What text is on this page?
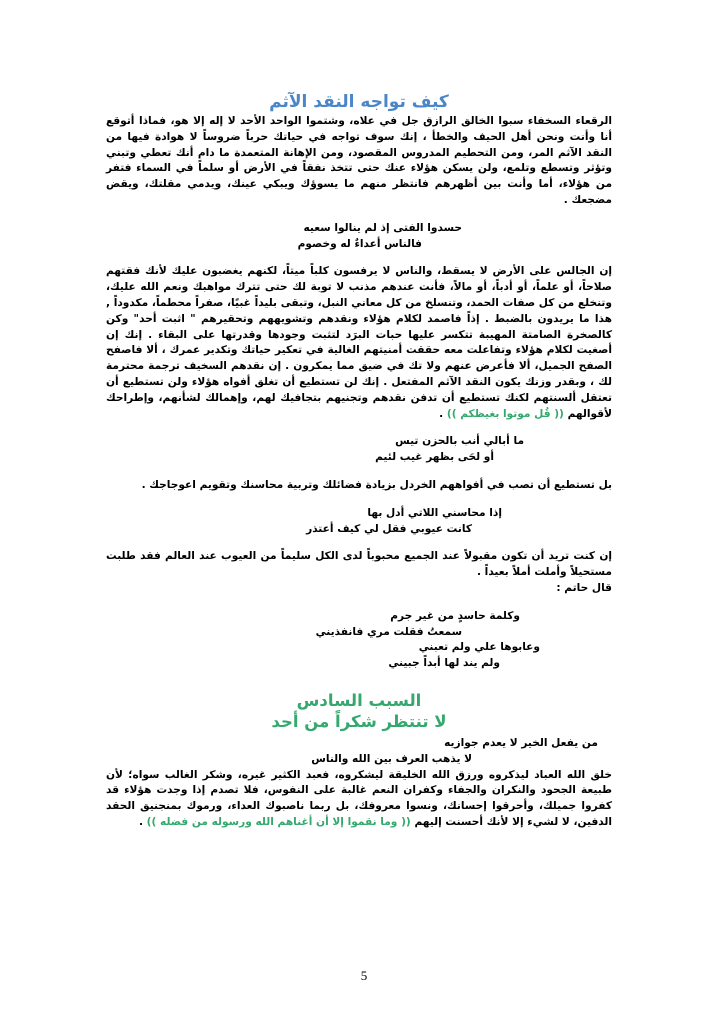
كيف تواجه النقد الآثم

الرقعاء السخفاء سبوا الخالق الرازق جل في علاه، وشتموا الواحد الأحد لا إله إلا هو، فماذا أتوقع أنا وأنت ونحن أهل الحيف والخطأ ، إنك سوف تواجه في حياتك حرباً ضروساً لا هوادة فيها من النقد الآثم المر، ومن التحطيم المدروس المقصود، ومن الإهانة المتعمدة ما دام أنك تعطي وتبني وتؤثر وتسطع وتلمع، ولن يسكن هؤلاء عنك حتى تتخذ نفقاً في الأرض أو سلماً في السماء فتفر من هؤلاء، أما وأنت بين أظهرهم فانتظر منهم ما يسوؤك ويبكي عينك، ويدمي مقلتك، ويقض مضجعك .

حسدوا الفتى إذ لم ينالوا سعيه

فالناس أعداءٌ له وخصوم

إن الجالس على الأرض لا يسقط، والناس لا يرفسون كلباً ميتاً، لكنهم يغضبون عليك لأنك فقتهم صلاحاً، أو علماً، أو أدباً، أو مالاً، فأنت عندهم مذنب لا توبة لك حتى تترك مواهبك ونعم الله عليك، وتنخلع من كل صفات الحمد، وتنسلخ من كل معاني النبل، وتبقى بليداً غبيًا، صفراً محطماً، مكدوداً , هذا ما يريدون بالضبط . إذاً فاصمد لكلام هؤلاء ونقدهم وتشويههم وتحقيرهم " اثبت أحد" وكن كالصخرة الصامتة المهيبة تتكسر عليها حبات البرَد لتثبت وجودها وقدرتها على البقاء . إنك إن أصغيت لكلام هؤلاء وتفاعلت معه حققت أمنيتهم الغالية في تعكير حياتك وتكدير عمرك ، ألا فاصفح الصفح الجميل، ألا فأعرض عنهم ولا تك في ضيق مما يمكرون . إن نقدهم السخيف ترجمة محترمة لك ، وبقدر وزنك يكون النقد الآثم المفتعل . إنك لن تستطيع أن تغلق أفواه هؤلاء ولن تستطيع أن تعتقل ألسنتهم لكنك تستطيع أن تدفن نقدهم وتجنيهم بتجافيك لهم، وإهمالك لشأنهم، وإطراحك لأقوالهم (( قُل موتوا بغيظكم )) .

ما أبالي أنب بالحزن تيس

أو لحَى بظهر غيب لئيم

بل تستطيع أن تصب في أفواههم الخردل بزيادة فضائلك وتربية محاسنك وتقويم اعوجاجك .

إذا محاسني اللاتي أدل بها

كانت عيوبي فقل لي كيف أعتذر

إن كنت تريد أن تكون مقبولاً عند الجميع محبوباً لدى الكل سليماً من العيوب عند العالم فقد طلبت مستحيلاً وأملت أملاً بعيداً .

قال حاتم :

وكلمة حاسدٍ من غير جرم

سمعتُ فقلت مري فانفذيني

وعابوها علي ولم تعبني

ولم يند لها أبداً جبيني

السبب السادس
لا تنتظر شكراً من أحد

من يفعل الخير لا يعدم جوازيه

لا يذهب العرف بين الله والناس

خلق الله العباد ليذكروه ورزق الله الخليقة ليشكروه، فعبد الكثير غيره، وشكر الغالب سواه؛ لأن طبيعة الجحود والنكران والجفاء وكفران النعم غالبة على النفوس، فلا تصدم إذا وجدت هؤلاء قد كفروا جميلك، وأحرقوا إحسانك، ونسوا معروفك، بل ربما ناصبوك العداء، ورموك بمنجنيق الحقد الدفين، لا لشيء إلا لأنك أحسنت إليهم (( وما نقموا إلا أن أغناهم الله ورسوله من فضله )) .

5
